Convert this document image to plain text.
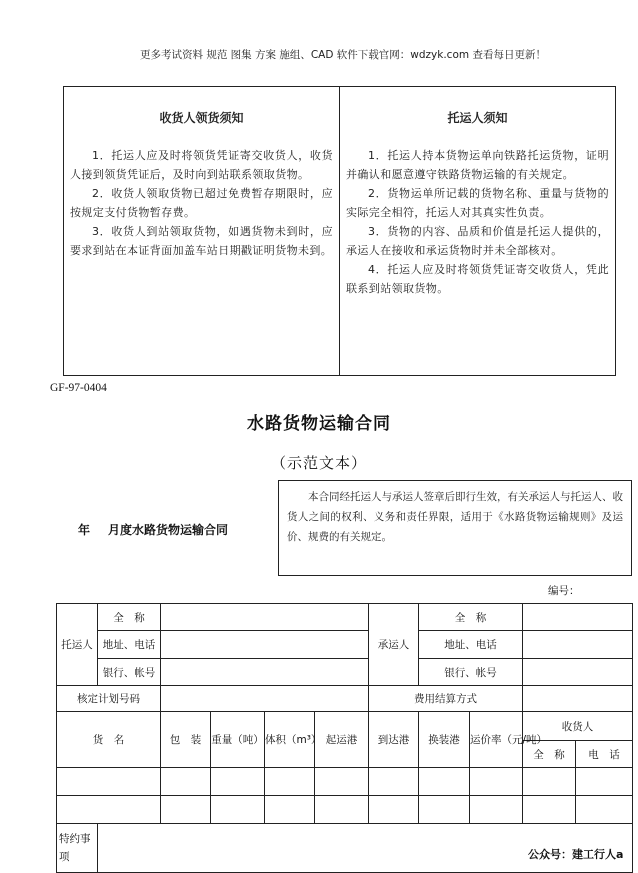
更多考试资料 规范 图集 方案 施组、CAD 软件下载官网：wdzyk.com 查看每日更新！
收货人领货须知

1．托运人应及时将领货凭证寄交收货人，收货人接到领货凭证后，及时向到站联系领取货物。

2．收货人领取货物已超过免费暂存期限时，应按规定支付货物暂存费。

3．收货人到站领取货物，如遇货物未到时，应要求到站在本证背面加盖车站日期戳证明货物未到。

托运人须知

1．托运人持本货物运单向铁路托运货物，证明并确认和愿意遵守铁路货物运输的有关规定。

2．货物运单所记载的货物名称、重量与货物的实际完全相符，托运人对其真实性负责。

3．货物的内容、品质和价值是托运人提供的，承运人在接收和承运货物时并未全部核对。

4．托运人应及时将领货凭证寄交收货人，凭此联系到站领取货物。

GF-97-0404
水路货物运输合同
（示范文本）
年 月度水路货物运输合同
本合同经托运人与承运人签章后即行生效，有关承运人与托运人、收货人之间的权利、义务和责任界限，适用于《水路货物运输规则》及运价、规费的有关规定。
编号：
托运人	全　称					承运人	全　称			
	地址、电话						地址、电话			
	银行、帐号						银行、帐号			
核定计划号码						费用结算方式				
货　名		包　装	重量（吨）	体积（m³）	起运港	到达港	换装港	运价率（元/吨）	收货人	
									全　称	电　话

特约事项											公众号：建工行人a
